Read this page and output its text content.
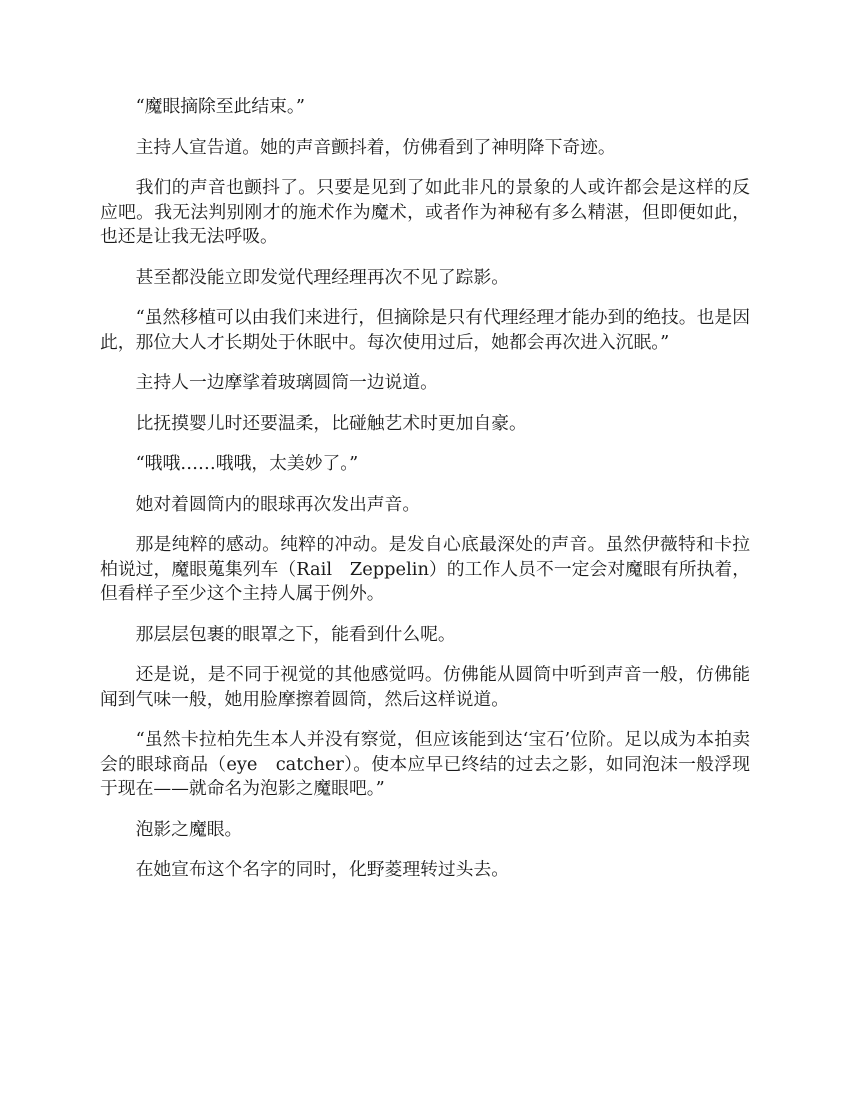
“魔眼摘除至此结束。”

主持人宣告道。她的声音颤抖着，仿佛看到了神明降下奇迹。

我们的声音也颤抖了。只要是见到了如此非凡的景象的人或许都会是这样的反应吧。我无法判别刚才的施术作为魔术，或者作为神秘有多么精湛，但即便如此，也还是让我无法呼吸。

甚至都没能立即发觉代理经理再次不见了踪影。

“虽然移植可以由我们来进行，但摘除是只有代理经理才能办到的绝技。也是因此，那位大人才长期处于休眠中。每次使用过后，她都会再次进入沉眠。”

主持人一边摩挲着玻璃圆筒一边说道。

比抚摸婴儿时还要温柔，比碰触艺术时更加自豪。

“哦哦……哦哦，太美妙了。”

她对着圆筒内的眼球再次发出声音。

那是纯粹的感动。纯粹的冲动。是发自心底最深处的声音。虽然伊薇特和卡拉柏说过，魔眼蒐集列车（Rail　Zeppelin）的工作人员不一定会对魔眼有所执着，但看样子至少这个主持人属于例外。

那层层包裹的眼罩之下，能看到什么呢。

还是说，是不同于视觉的其他感觉吗。仿佛能从圆筒中听到声音一般，仿佛能闻到气味一般，她用脸摩擦着圆筒，然后这样说道。

“虽然卡拉柏先生本人并没有察觉，但应该能到达‘宝石’位阶。足以成为本拍卖会的眼球商品（eye　catcher）。使本应早已终结的过去之影，如同泡沫一般浮现于现在——就命名为泡影之魔眼吧。”

泡影之魔眼。

在她宣布这个名字的同时，化野菱理转过头去。
